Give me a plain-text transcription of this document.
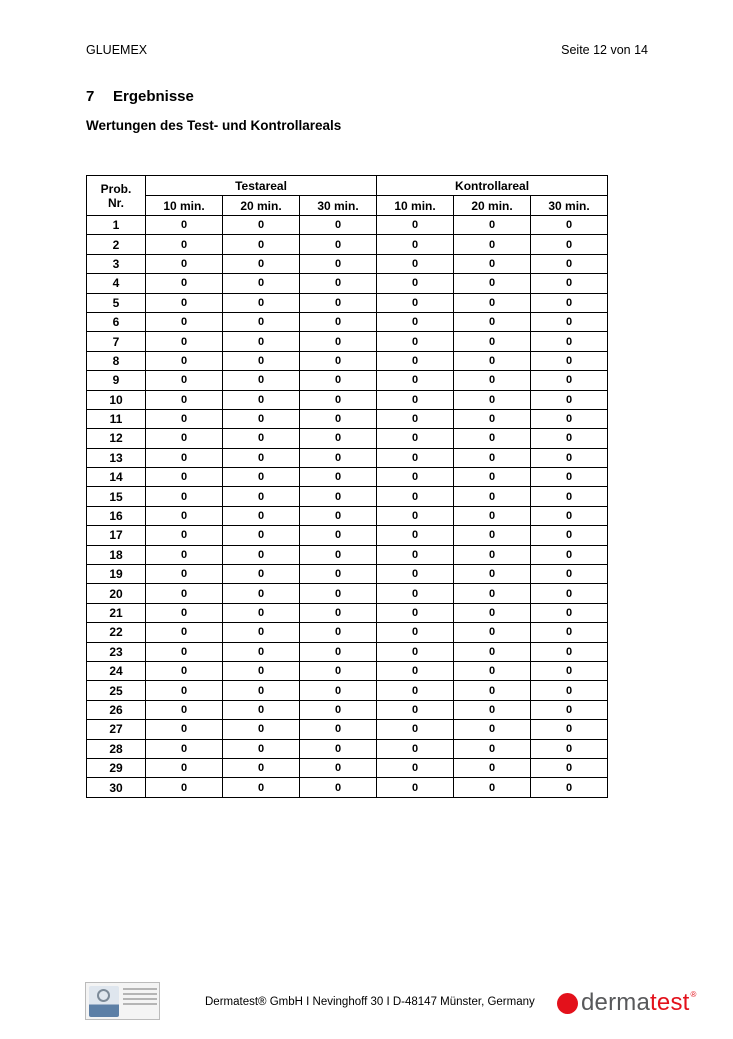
GLUEMEX	Seite 12 von 14
7 Ergebnisse
Wertungen des Test- und Kontrollareals
Prob.
Nr.	Testareal			Kontrollareal		
	10 min.	20 min.	30 min.	10 min.	20 min.	30 min.
1	0	0	0	0	0	0
2	0	0	0	0	0	0
3	0	0	0	0	0	0
4	0	0	0	0	0	0
5	0	0	0	0	0	0
6	0	0	0	0	0	0
7	0	0	0	0	0	0
8	0	0	0	0	0	0
9	0	0	0	0	0	0
10	0	0	0	0	0	0
11	0	0	0	0	0	0
12	0	0	0	0	0	0
13	0	0	0	0	0	0
14	0	0	0	0	0	0
15	0	0	0	0	0	0
16	0	0	0	0	0	0
17	0	0	0	0	0	0
18	0	0	0	0	0	0
19	0	0	0	0	0	0
20	0	0	0	0	0	0
21	0	0	0	0	0	0
22	0	0	0	0	0	0
23	0	0	0	0	0	0
24	0	0	0	0	0	0
25	0	0	0	0	0	0
26	0	0	0	0	0	0
27	0	0	0	0	0	0
28	0	0	0	0	0	0
29	0	0	0	0	0	0
30	0	0	0	0	0	0
Dermatest® GmbH I Nevinghoff 30 I D-48147 Münster, Germany dermatest ®
